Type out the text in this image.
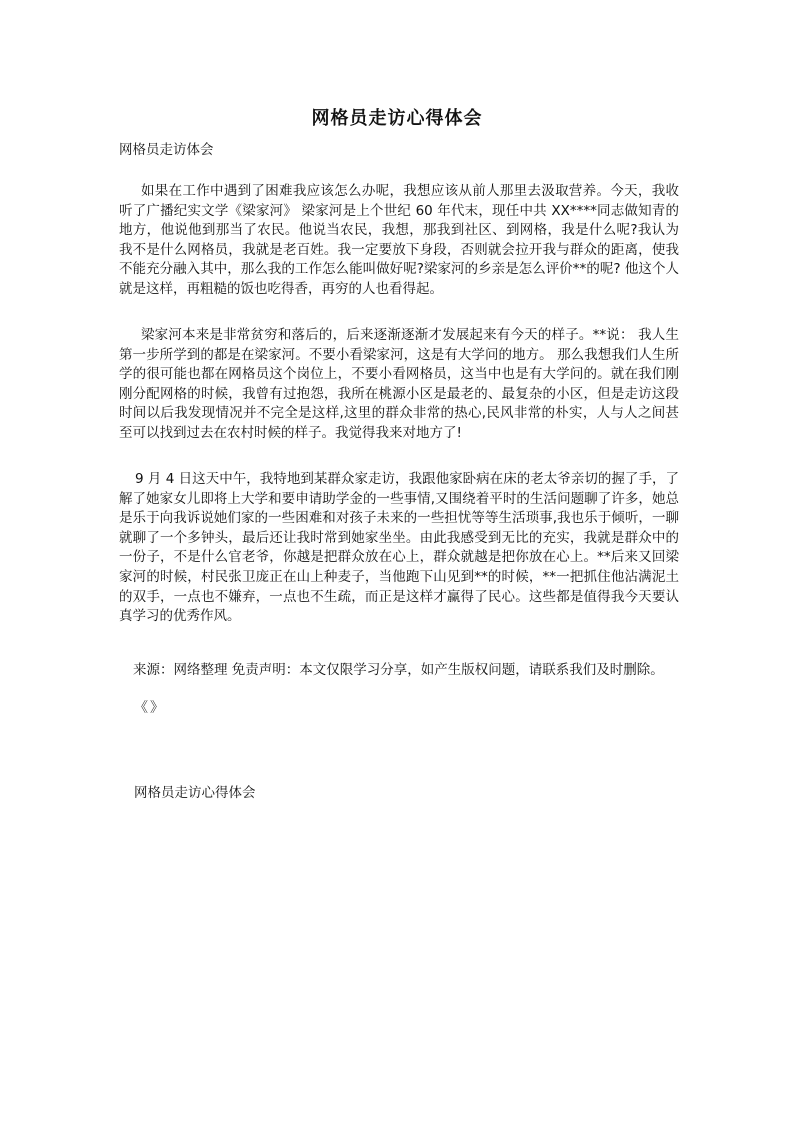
网格员走访心得体会

网格员走访体会

如果在工作中遇到了困难我应该怎么办呢，我想应该从前人那里去汲取营养。今天，我收听了广播纪实文学《梁家河》 梁家河是上个世纪 60 年代末，现任中共 XX****同志做知青的地方，他说他到那当了农民。他说当农民，我想，那我到社区、到网格，我是什么呢?我认为我不是什么网格员，我就是老百姓。我一定要放下身段，否则就会拉开我与群众的距离，使我不能充分融入其中，那么我的工作怎么能叫做好呢?梁家河的乡亲是怎么评价**的呢? 他这个人就是这样，再粗糙的饭也吃得香，再穷的人也看得起。

梁家河本来是非常贫穷和落后的，后来逐渐逐渐才发展起来有今天的样子。**说： 我人生第一步所学到的都是在梁家河。不要小看梁家河，这是有大学问的地方。 那么我想我们人生所学的很可能也都在网格员这个岗位上，不要小看网格员，这当中也是有大学问的。就在我们刚刚分配网格的时候，我曾有过抱怨，我所在桃源小区是最老的、最复杂的小区，但是走访这段时间以后我发现情况并不完全是这样,这里的群众非常的热心,民风非常的朴实，人与人之间甚至可以找到过去在农村时候的样子。我觉得我来对地方了!

9 月 4 日这天中午，我特地到某群众家走访，我跟他家卧病在床的老太爷亲切的握了手，了解了她家女儿即将上大学和要申请助学金的一些事情,又围绕着平时的生活问题聊了许多，她总是乐于向我诉说她们家的一些困难和对孩子未来的一些担忧等等生活琐事,我也乐于倾听，一聊就聊了一个多钟头，最后还让我时常到她家坐坐。由此我感受到无比的充实，我就是群众中的一份子，不是什么官老爷，你越是把群众放在心上，群众就越是把你放在心上。**后来又回梁家河的时候，村民张卫庞正在山上种麦子，当他跑下山见到**的时候，**一把抓住他沾满泥土的双手，一点也不嫌弃，一点也不生疏，而正是这样才赢得了民心。这些都是值得我今天要认真学习的优秀作风。

来源：网络整理 免责声明：本文仅限学习分享，如产生版权问题，请联系我们及时删除。

《》
网格员走访心得体会
